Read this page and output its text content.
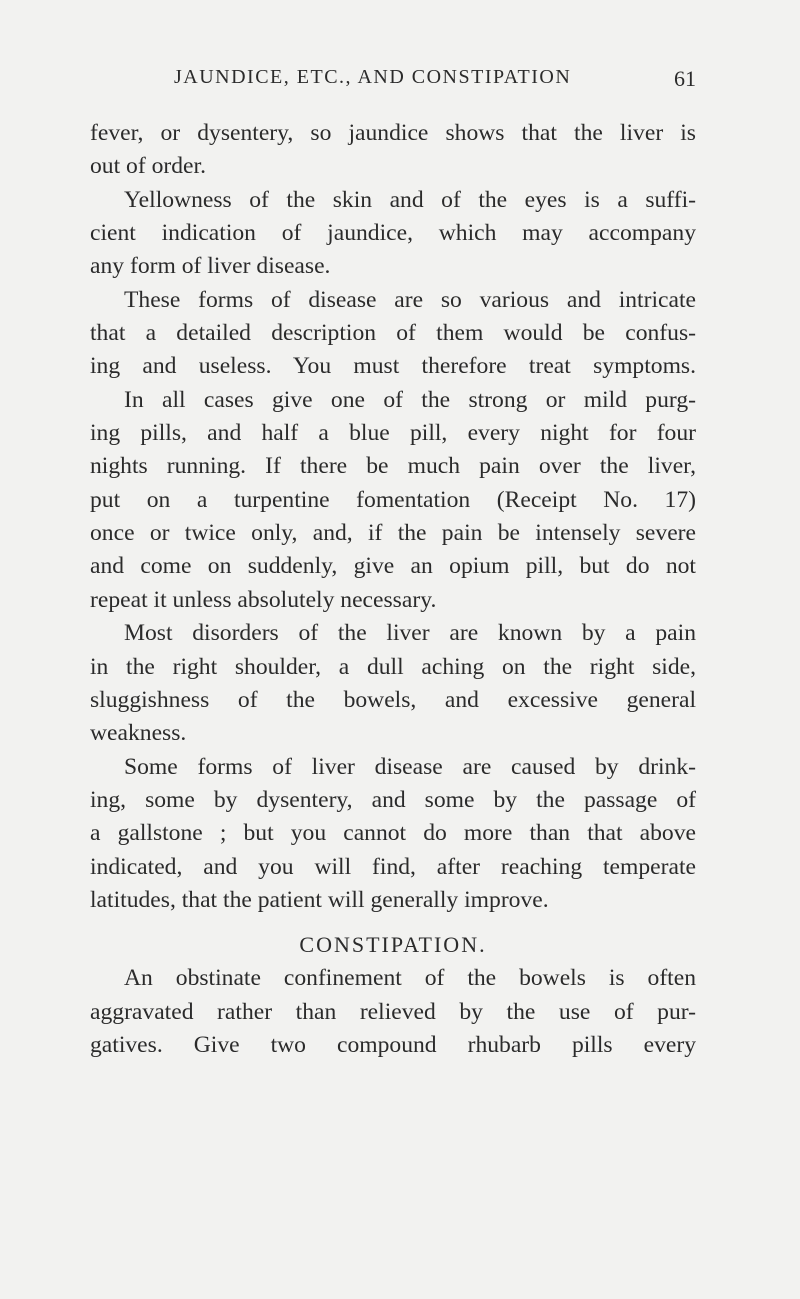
JAUNDICE, ETC., AND CONSTIPATION	61
fever, or dysentery, so jaundice shows that the liver is
out of order.
Yellowness of the skin and of the eyes is a suffi-
cient indication of jaundice, which may accompany
any form of liver disease.
These forms of disease are so various and intricate
that a detailed description of them would be confus-
ing and useless. You must therefore treat symptoms.
In all cases give one of the strong or mild purg-
ing pills, and half a blue pill, every night for four
nights running. If there be much pain over the liver,
put on a turpentine fomentation (Receipt No. 17)
once or twice only, and, if the pain be intensely severe
and come on suddenly, give an opium pill, but do not
repeat it unless absolutely necessary.
Most disorders of the liver are known by a pain
in the right shoulder, a dull aching on the right side,
sluggishness of the bowels, and excessive general
weakness.
Some forms of liver disease are caused by drink-
ing, some by dysentery, and some by the passage of
a gallstone ; but you cannot do more than that above
indicated, and you will find, after reaching temperate
latitudes, that the patient will generally improve.
CONSTIPATION.
An obstinate confinement of the bowels is often
aggravated rather than relieved by the use of pur-
gatives. Give two compound rhubarb pills every
